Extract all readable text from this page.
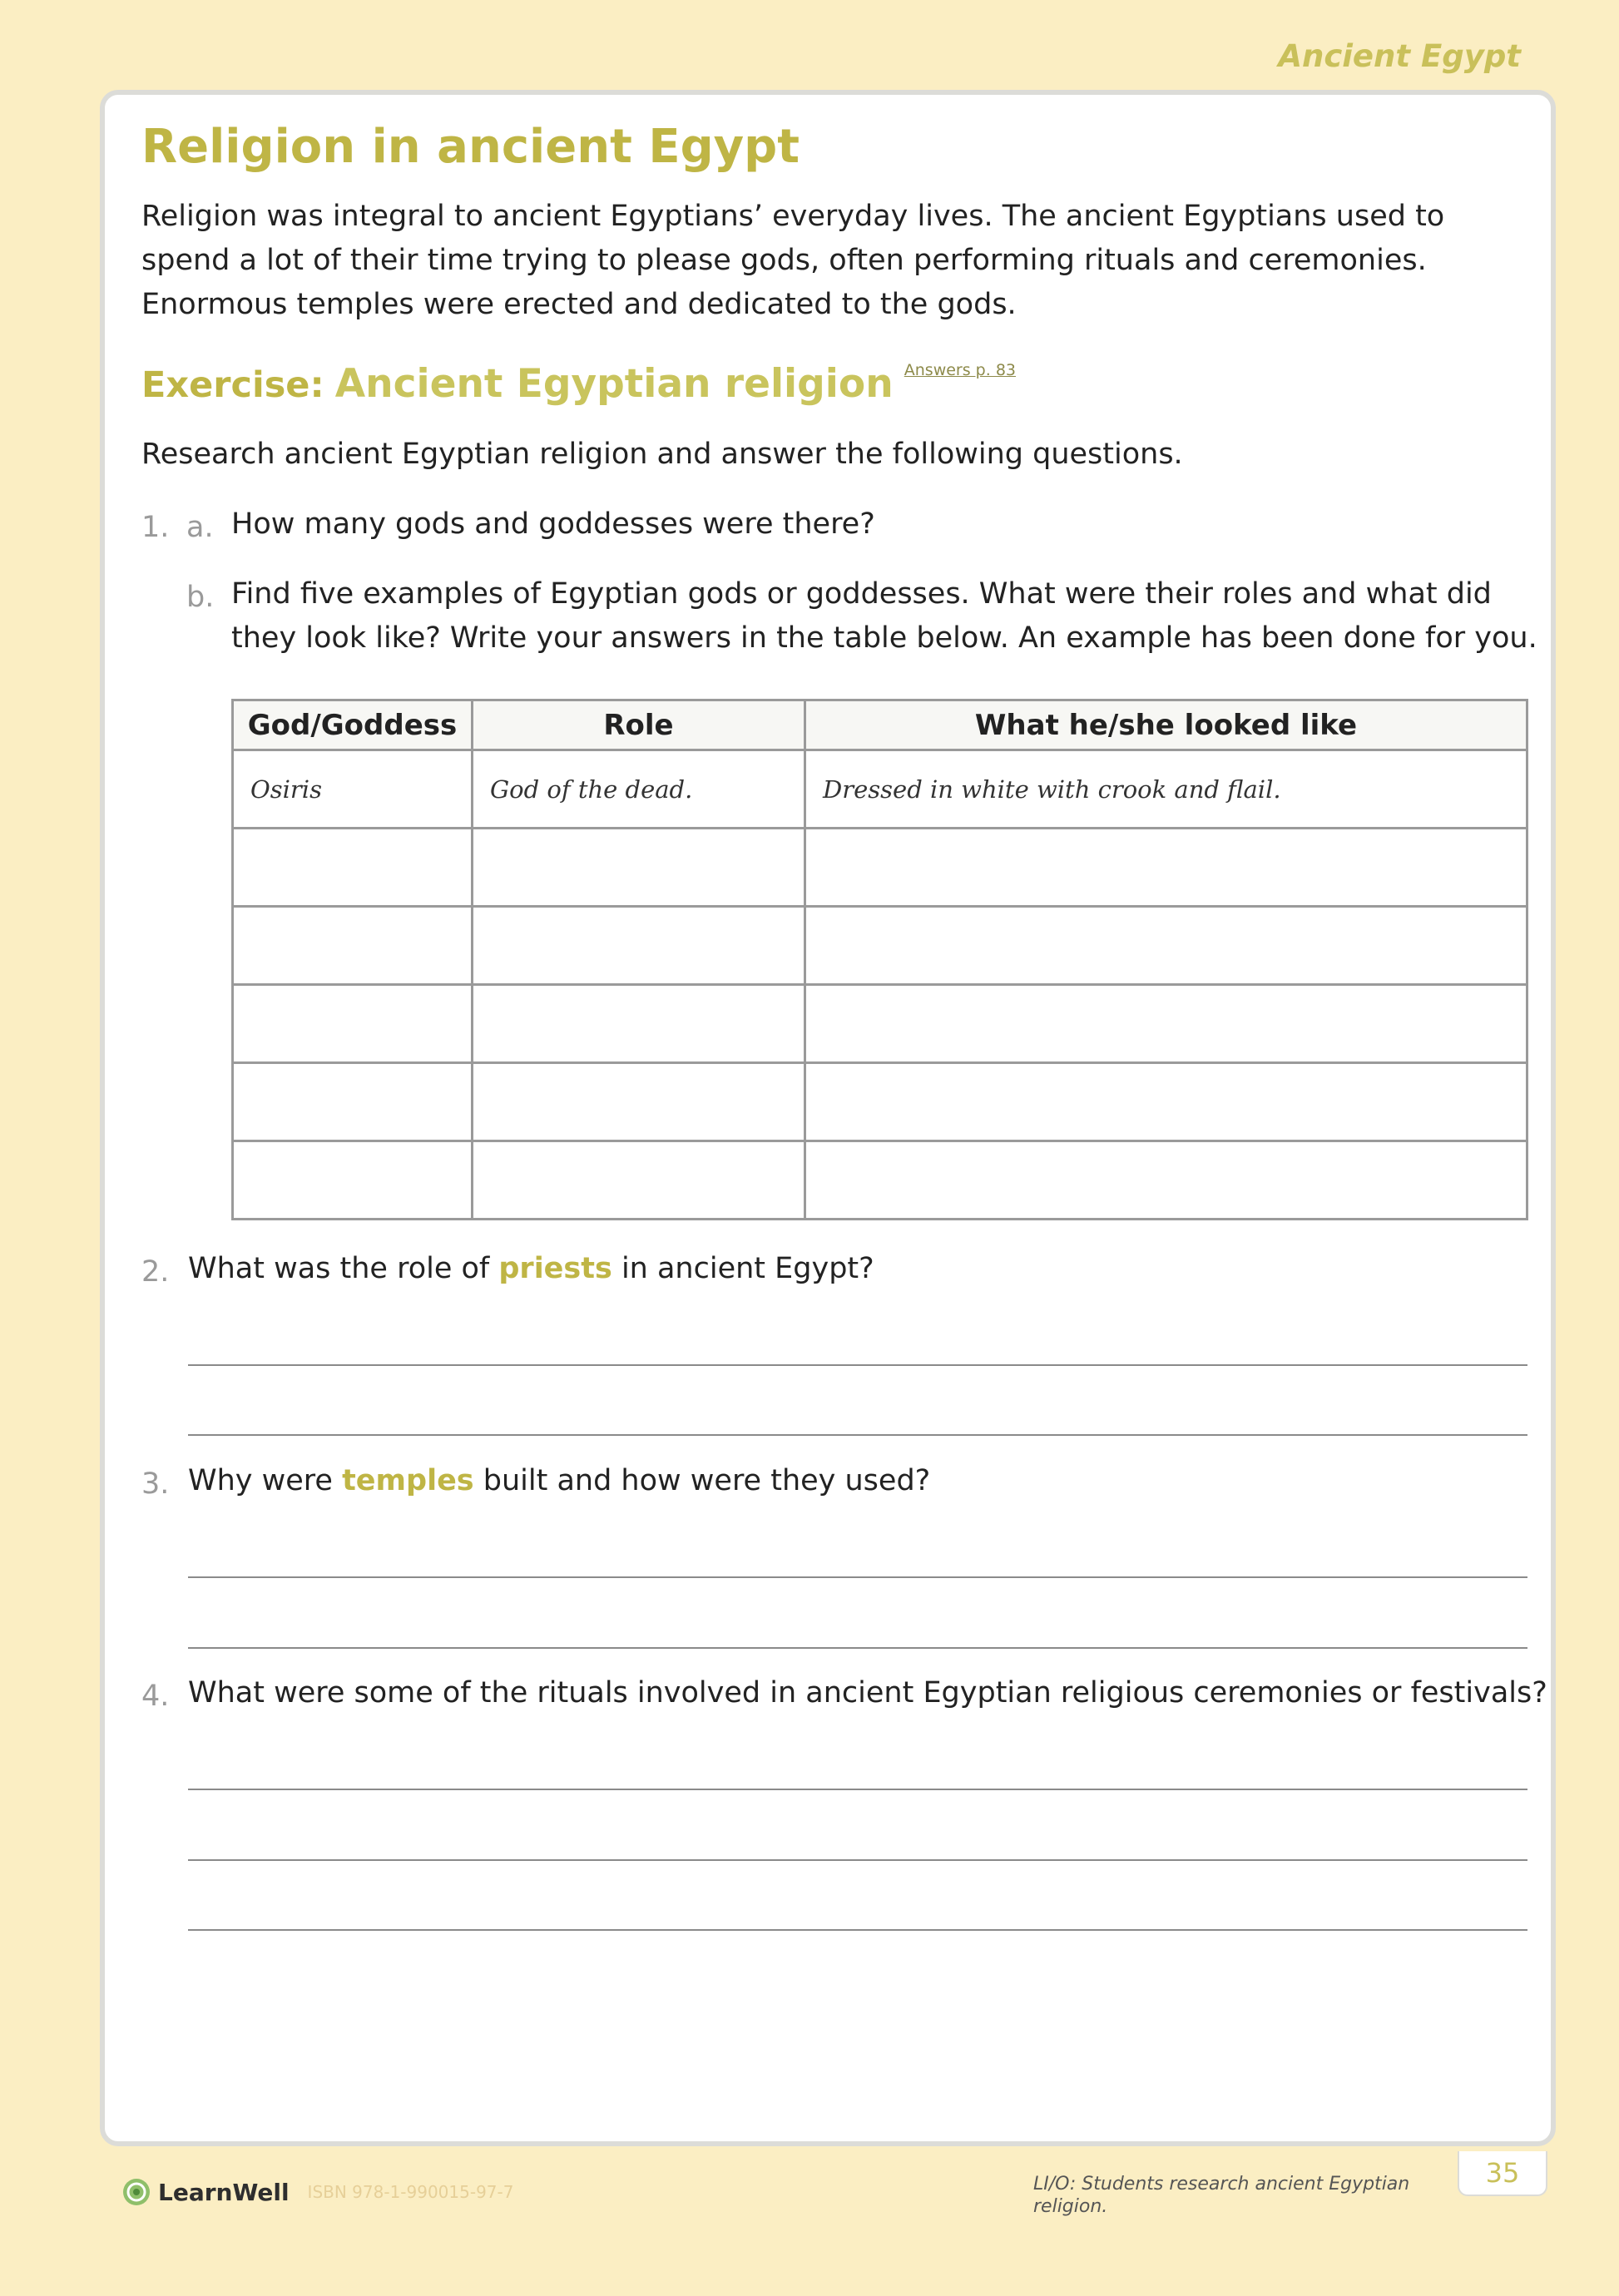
Ancient Egypt
Religion in ancient Egypt

Religion was integral to ancient Egyptians’ everyday lives. The ancient Egyptians used to spend a lot of their time trying to please gods, often performing rituals and ceremonies. Enormous temples were erected and dedicated to the gods.

Exercise: Ancient Egyptian religion Answers p. 83

Research ancient Egyptian religion and answer the following questions.

1. a. How many gods and goddesses were there?

b. Find five examples of Egyptian gods or goddesses. What were their roles and what did they look like? Write your answers in the table below. An example has been done for you.

God/Goddess	Role	What he/she looked like
Osiris	God of the dead.	Dressed in white with crook and flail.

2. What was the role of priests in ancient Egypt?

3. Why were temples built and how were they used?

4. What were some of the rituals involved in ancient Egyptian religious ceremonies or festivals?

LearnWell ISBN 978-1-990015-97-7	LI/O: Students research ancient Egyptian religion.
35
